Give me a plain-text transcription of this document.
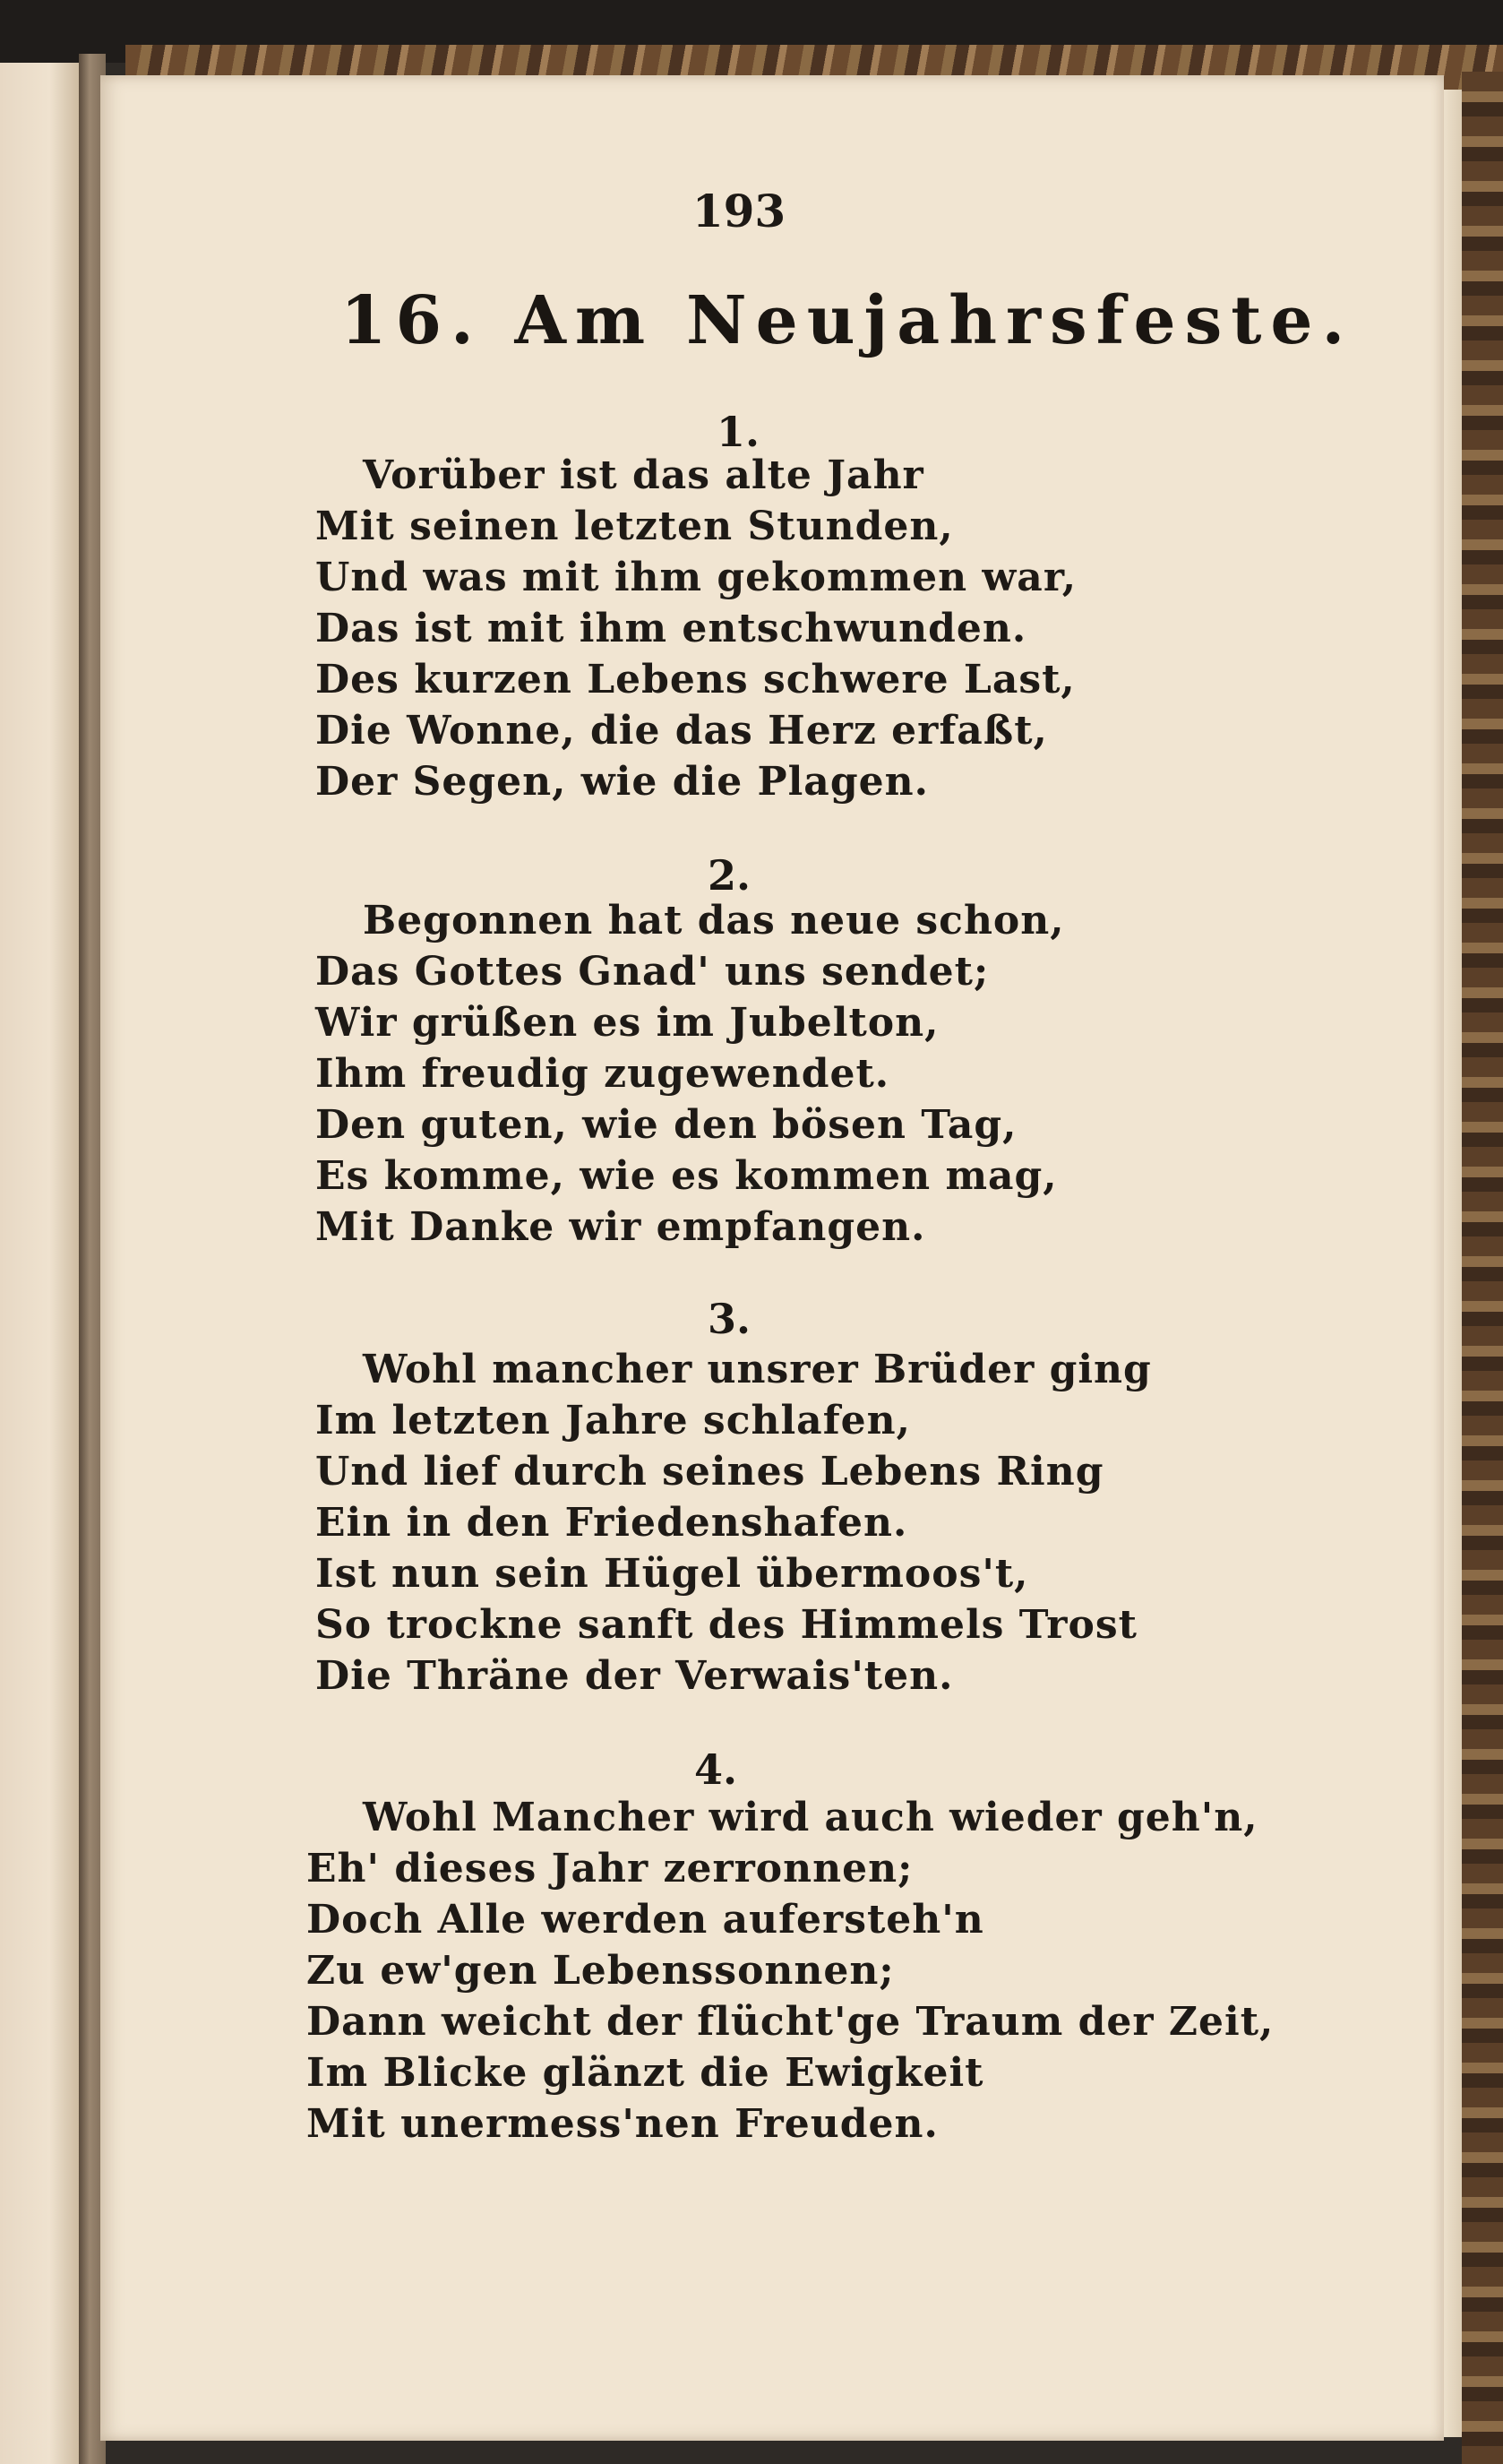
193
16. Am Neujahrsfeste.
1.
Vorüber ist das alte Jahr
Mit seinen letzten Stunden,
Und was mit ihm gekommen war,
Das ist mit ihm entschwunden.
Des kurzen Lebens schwere Last,
Die Wonne, die das Herz erfaßt,
Der Segen, wie die Plagen.
2.
Begonnen hat das neue schon,
Das Gottes Gnad' uns sendet;
Wir grüßen es im Jubelton,
Ihm freudig zugewendet.
Den guten, wie den bösen Tag,
Es komme, wie es kommen mag,
Mit Danke wir empfangen.
3.
Wohl mancher unsrer Brüder ging
Im letzten Jahre schlafen,
Und lief durch seines Lebens Ring
Ein in den Friedenshafen.
Ist nun sein Hügel übermoos't,
So trockne sanft des Himmels Trost
Die Thräne der Verwais'ten.
4.
Wohl Mancher wird auch wieder geh'n,
Eh' dieses Jahr zerronnen;
Doch Alle werden aufersteh'n
Zu ew'gen Lebenssonnen;
Dann weicht der flücht'ge Traum der Zeit,
Im Blicke glänzt die Ewigkeit
Mit unermess'nen Freuden.
